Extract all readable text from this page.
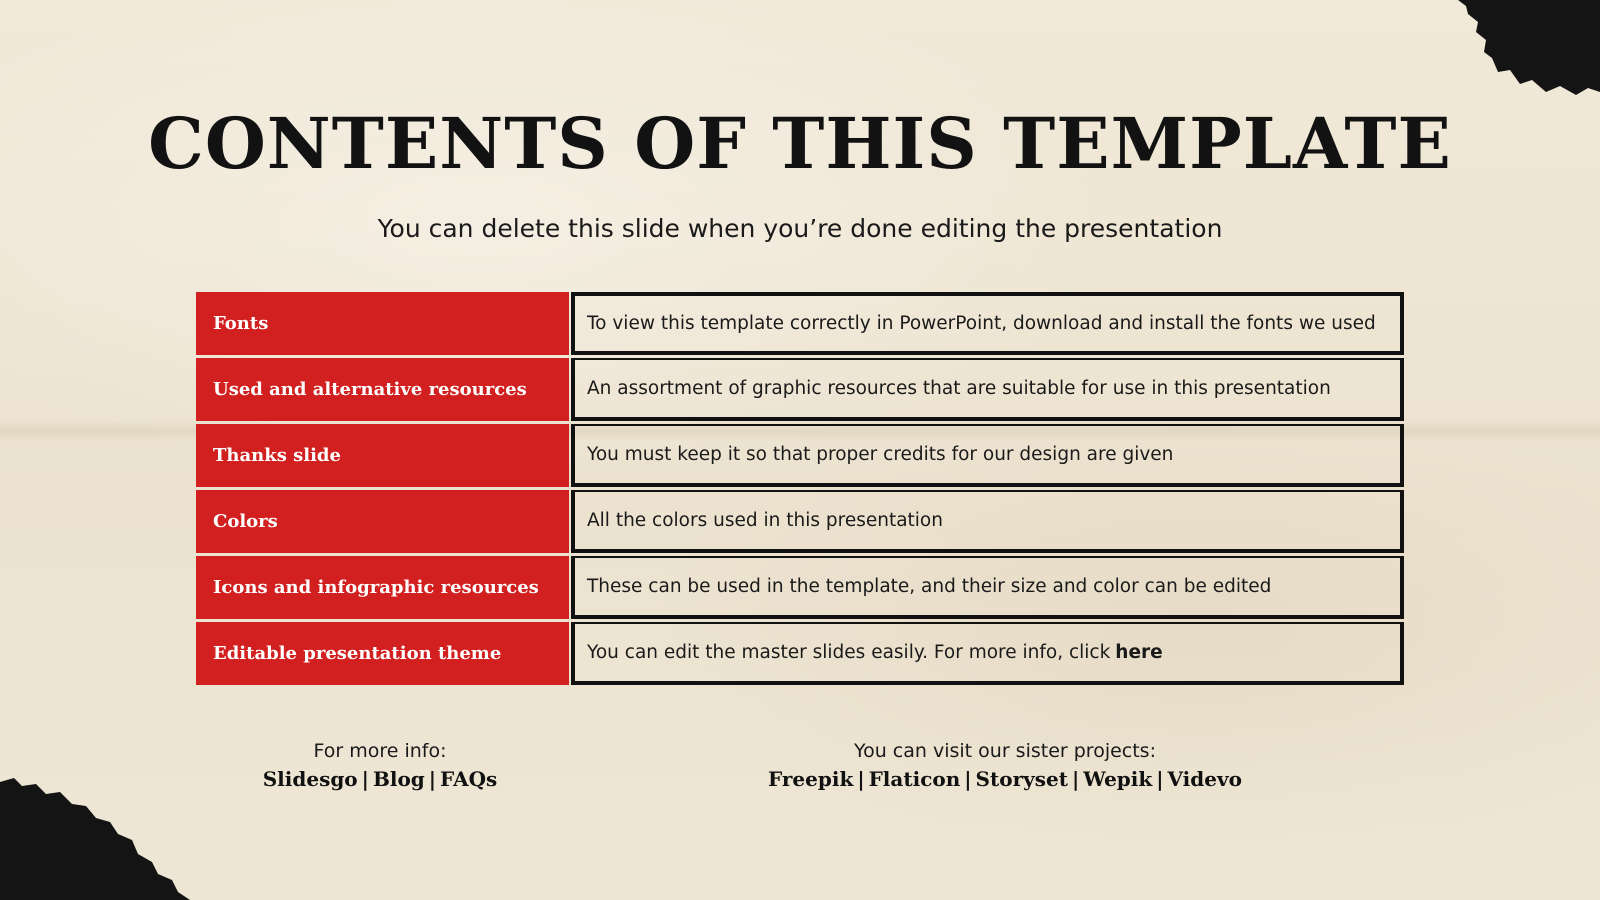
CONTENTS OF THIS TEMPLATE
You can delete this slide when you’re done editing the presentation
Fonts	To view this template correctly in PowerPoint, download and install the fonts we used
Used and alternative resources	An assortment of graphic resources that are suitable for use in this presentation
Thanks slide	You must keep it so that proper credits for our design are given
Colors	All the colors used in this presentation
Icons and infographic resources	These can be used in the template, and their size and color can be edited
Editable presentation theme	You can edit the master slides easily. For more info, click here
For more info:
Slidesgo | Blog | FAQs
You can visit our sister projects:
Freepik | Flaticon | Storyset | Wepik | Videvo
